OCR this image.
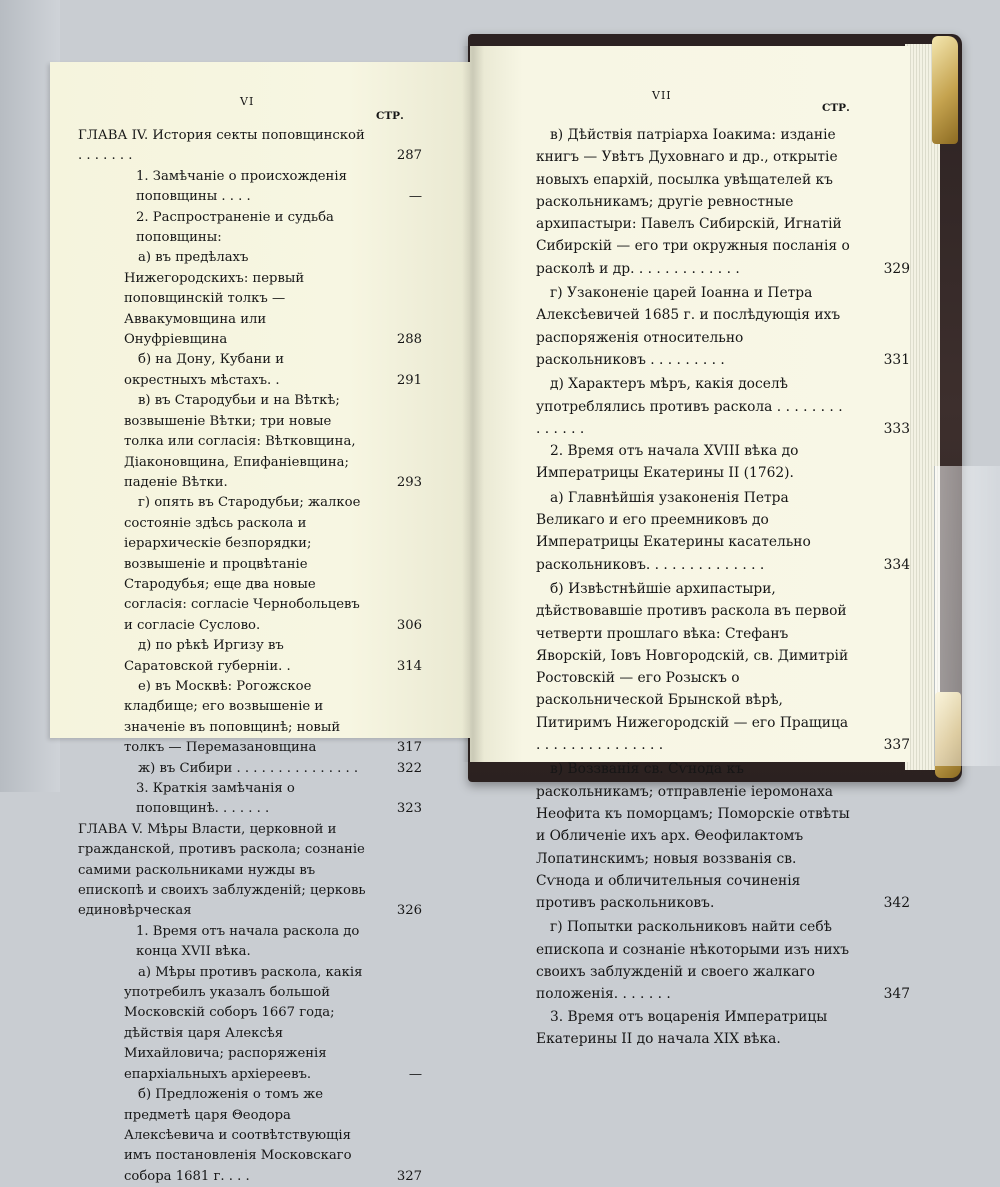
VI
СТР.
ГЛАВА IV. История секты поповщинской . . . . . . .	287
1. Замѣчаніе о происхожденія поповщины . . . .	—
2. Распространеніе и судьба поповщины:
а) въ предѣлахъ Нижегородскихъ: первый поповщинскій толкъ — Аввакумовщина или Онуфріевщина	288
б) на Дону, Кубани и окрестныхъ мѣстахъ. .	291
в) въ Стародубьи и на Вѣткѣ; возвышеніе Вѣтки; три новые толка или согласія: Вѣтковщина, Діаконовщина, Епифаніевщина; паденіе Вѣтки.	293
г) опять въ Стародубьи; жалкое состояніе здѣсь раскола и іерархическіе безпорядки; возвышеніе и процвѣтаніе Стародубья; еще два новые согласія: согласіе Чернобольцевъ и согласіе Суслово.	306
д) по рѣкѣ Иргизу въ Саратовской губерніи. .	314
е) въ Москвѣ: Рогожское кладбище; его возвышеніе и значеніе въ поповщинѣ; новый толкъ — Перемазановщина	317
ж) въ Сибири . . . . . . . . . . . . . . .	322
3. Краткія замѣчанія о поповщинѣ. . . . . . .	323
ГЛАВА V. Мѣры Власти, церковной и гражданской, противъ раскола; сознаніе самими раскольниками нужды въ епископѣ и своихъ заблужденій; церковь единовѣрческая	326
1. Время отъ начала раскола до конца XVII вѣка.
а) Мѣры противъ раскола, какія употребилъ указалъ большой Московскій соборъ 1667 года; дѣйствія царя Алексѣя Михайловича; распоряженія епархіальныхъ архіереевъ.	—
б) Предложенія о томъ же предметѣ царя Θеодора Алексѣевича и соотвѣтствующія имъ постановленія Московскаго собора 1681 г. . . .	327
VII
СТР.
в) Дѣйствія патріарха Іоакима: изданіе книгъ — Увѣтъ Духовнаго и др., открытіе новыхъ епархій, посылка увѣщателей къ раскольникамъ; другіе ревностные архипастыри: Павелъ Сибирскій, Игнатій Сибирскій — его три окружныя посланія о расколѣ и др. . . . . . . . . . . . .	329
г) Узаконеніе царей Іоанна и Петра Алексѣевичей 1685 г. и послѣдующія ихъ распоряженія относительно раскольниковъ . . . . . . . . .	331
д) Характеръ мѣръ, какія доселѣ употреблялись противъ раскола . . . . . . . . . . . . . .	333
2. Время отъ начала XVIII вѣка до Императрицы Екатерины II (1762).
а) Главнѣйшія узаконенія Петра Великаго и его преемниковъ до Императрицы Екатерины касательно раскольниковъ. . . . . . . . . . . . . .	334
б) Извѣстнѣйшіе архипастыри, дѣйствовавшіе противъ раскола въ первой четверти прошлаго вѣка: Стефанъ Яворскій, Іовъ Новгородскій, св. Димитрій Ростовскій — его Розыскъ о раскольнической Брынской вѣрѣ, Питиримъ Нижегородскій — его Пращица . . . . . . . . . . . . . . .	337
в) Воззванія св. Сѵнода къ раскольникамъ; отправленіе іеромонаха Неофита къ поморцамъ; Поморскіе отвѣты и Обличеніе ихъ арх. Θеофилактомъ Лопатинскимъ; новыя воззванія св. Сѵнода и обличительныя сочиненія противъ раскольниковъ.	342
г) Попытки раскольниковъ найти себѣ епископа и сознаніе нѣкоторыми изъ нихъ своихъ заблужденій и своего жалкаго положенія. . . . . . .	347
3. Время отъ воцаренія Императрицы Екатерины II до начала XIX вѣка.
